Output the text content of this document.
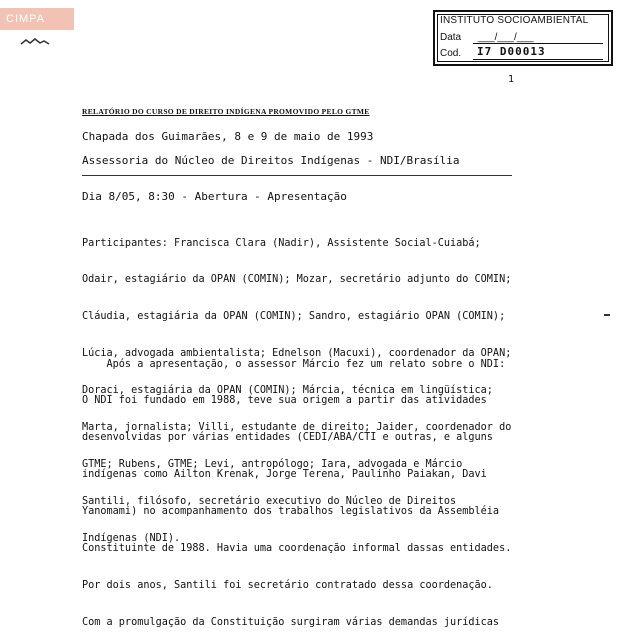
CIMPA	INSTITUTO SOCIOAMBIENTAL
Data ___/___/___
Cod. I7 D00013
1
RELATÓRIO DO CURSO DE DIREITO INDÍGENA PROMOVIDO PELO GTME
Chapada dos Guimarães, 8 e 9 de maio de 1993
Assessoria do Núcleo de Direitos Indígenas - NDI/Brasília
Dia 8/05, 8:30 - Abertura - Apresentação

Participantes: Francisca Clara (Nadir), Assistente Social-Cuiabá;

Odair, estagiário da OPAN (COMIN); Mozar, secretário adjunto do COMIN;

Cláudia, estagiária da OPAN (COMIN); Sandro, estagiário OPAN (COMIN);

Lúcia, advogada ambientalista; Ednelson (Macuxi), coordenador da OPAN;

Doraci, estagiária da OPAN (COMIN); Márcia, técnica em lingüística;

Marta, jornalista; Villi, estudante de direito; Jaider, coordenador do

GTME; Rubens, GTME; Levi, antropólogo; Iara, advogada e Márcio

Santili, filósofo, secretário executivo do Núcleo de Direitos

Indígenas (NDI).

Após a apresentação, o assessor Márcio fez um relato sobre o NDI:

O NDI foi fundado em 1988, teve sua origem a partir das atividades

desenvolvidas por várias entidades (CEDI/ABA/CTI e outras, e alguns

indígenas como Ailton Krenak, Jorge Terena, Paulinho Paiakan, Davi

Yanomami) no acompanhamento dos trabalhos legislativos da Assembléia

Constituinte de 1988. Havia uma coordenação informal dassas entidades.

Por dois anos, Santili foi secretário contratado dessa coordenação.

Com a promulgação da Constituição surgiram várias demandas jurídicas
